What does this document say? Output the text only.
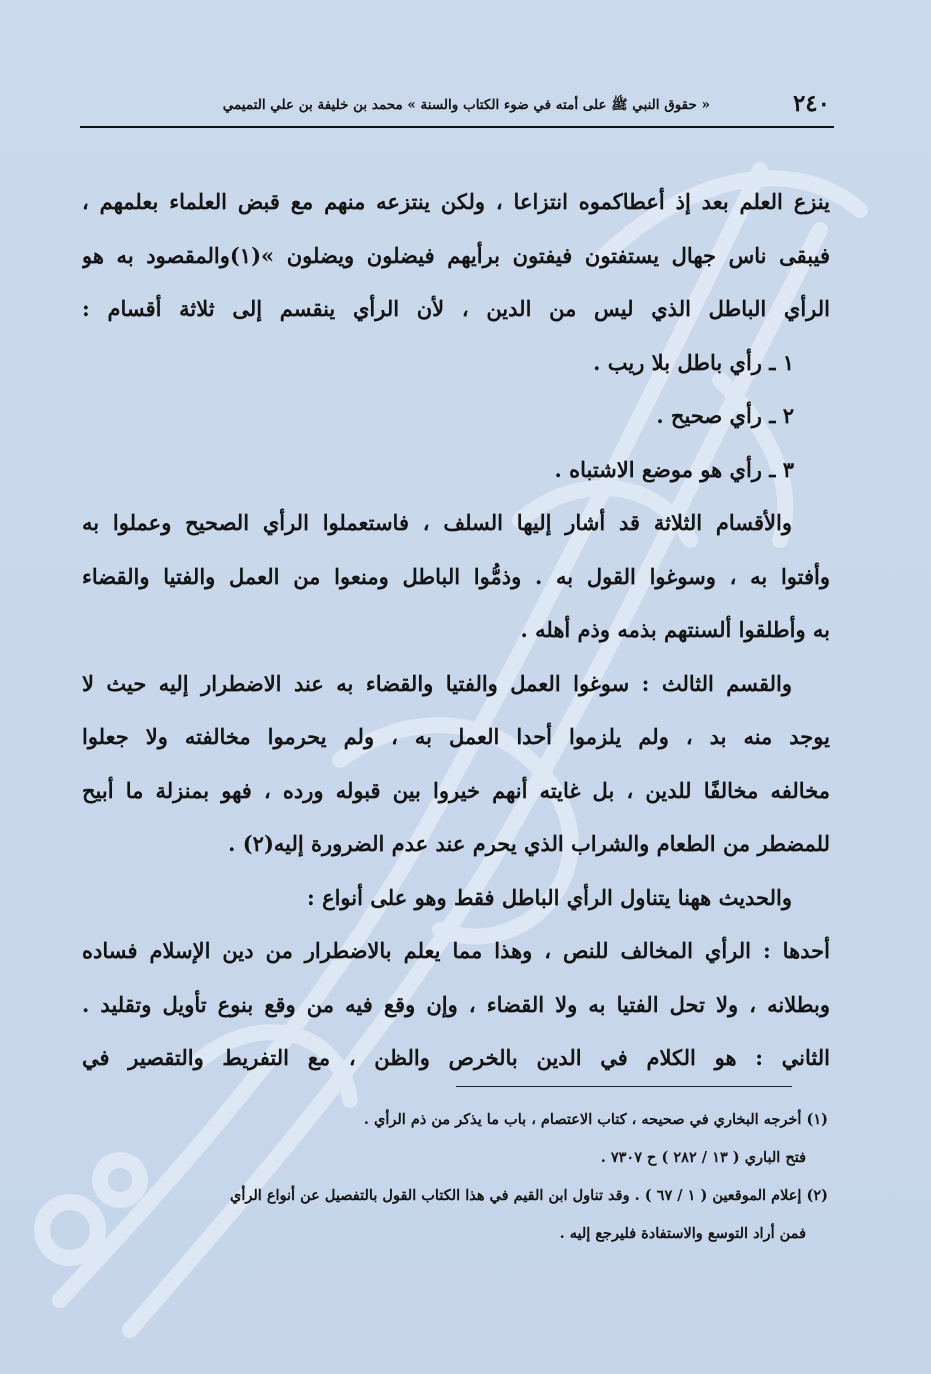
٢٤٠
« حقوق النبي ﷺ على أمته في ضوء الكتاب والسنة » محمد بن خليفة بن علي التميمي
ينزع العلم بعد إذ أعطاكموه انتزاعا ، ولكن ينتزعه منهم مع قبض العلماء بعلمهم ،
فيبقى ناس جهال يستفتون فيفتون برأيهم فيضلون ويضلون »(١)والمقصود به هو
الرأي الباطل الذي ليس من الدين ، لأن الرأي ينقسم إلى ثلاثة أقسام :
١ ـ رأي باطل بلا ريب .
٢ ـ رأي صحيح .
٣ ـ رأي هو موضع الاشتباه .
والأقسام الثلاثة قد أشار إليها السلف ، فاستعملوا الرأي الصحيح وعملوا به
وأفتوا به ، وسوغوا القول به . وذمُّوا الباطل ومنعوا من العمل والفتيا والقضاء
به وأطلقوا ألسنتهم بذمه وذم أهله .
والقسم الثالث : سوغوا العمل والفتيا والقضاء به عند الاضطرار إليه حيث لا
يوجد منه بد ، ولم يلزموا أحدا العمل به ، ولم يحرموا مخالفته ولا جعلوا
مخالفه مخالفًا للدين ، بل غايته أنهم خيروا بين قبوله ورده ، فهو بمنزلة ما أبيح
للمضطر من الطعام والشراب الذي يحرم عند عدم الضرورة إليه(٢) .
والحديث ههنا يتناول الرأي الباطل فقط وهو على أنواع :
أحدها : الرأي المخالف للنص ، وهذا مما يعلم بالاضطرار من دين الإسلام فساده
وبطلانه ، ولا تحل الفتيا به ولا القضاء ، وإن وقع فيه من وقع بنوع تأويل وتقليد .
الثاني : هو الكلام في الدين بالخرص والظن ، مع التفريط والتقصير في
(١) أخرجه البخاري في صحيحه ، كتاب الاعتصام ، باب ما يذكر من ذم الرأي .
فتح الباري ( ١٣ / ٢٨٢ ) ح ٧٣٠٧ .
(٢) إعلام الموقعين ( ١ / ٦٧ ) . وقد تناول ابن القيم في هذا الكتاب القول بالتفصيل عن أنواع الرأي
فمن أراد التوسع والاستفادة فليرجع إليه .
